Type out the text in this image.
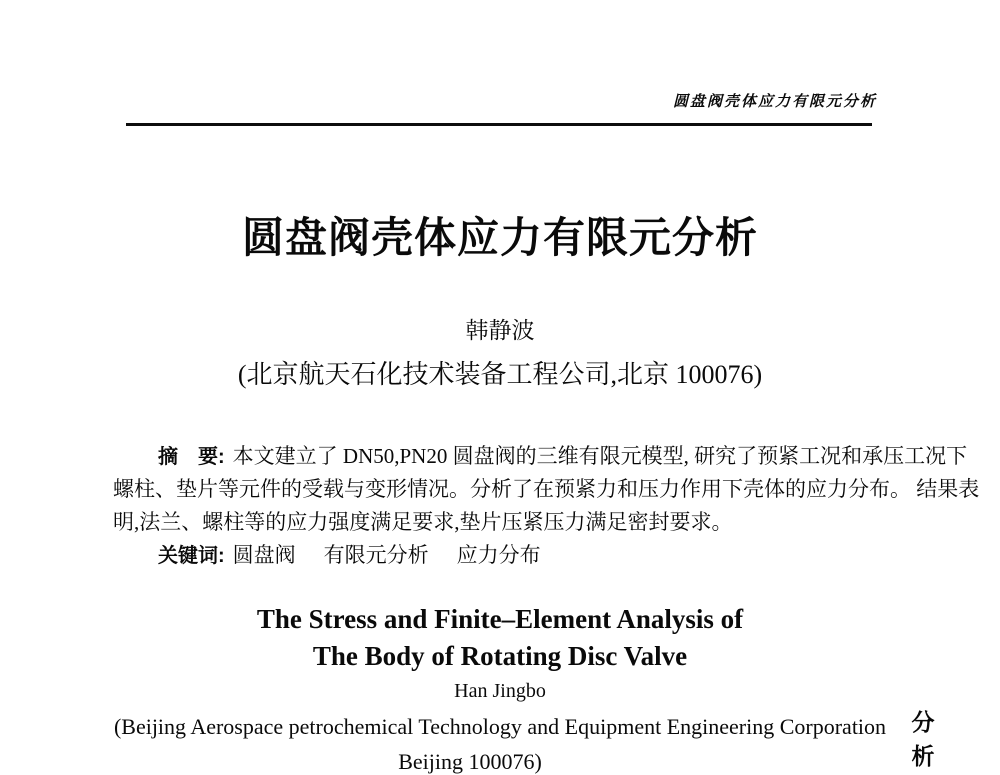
圆盘阀壳体应力有限元分析
圆盘阀壳体应力有限元分析
韩静波
(北京航天石化技术装备工程公司,北京 100076)
摘　要: 本文建立了 DN50,PN20 圆盘阀的三维有限元模型, 研究了预紧工况和承压工况下
螺柱、垫片等元件的受载与变形情况。分析了在预紧力和压力作用下壳体的应力分布。 结果表
明,法兰、螺柱等的应力强度满足要求,垫片压紧压力满足密封要求。
关键词: 圆盘阀 有限元分析 应力分布
The Stress and Finite–Element Analysis of
The Body of Rotating Disc Valve
Han Jingbo
(Beijing Aerospace petrochemical Technology and Equipment Engineering Corporation
Beijing 100076)
分
析
